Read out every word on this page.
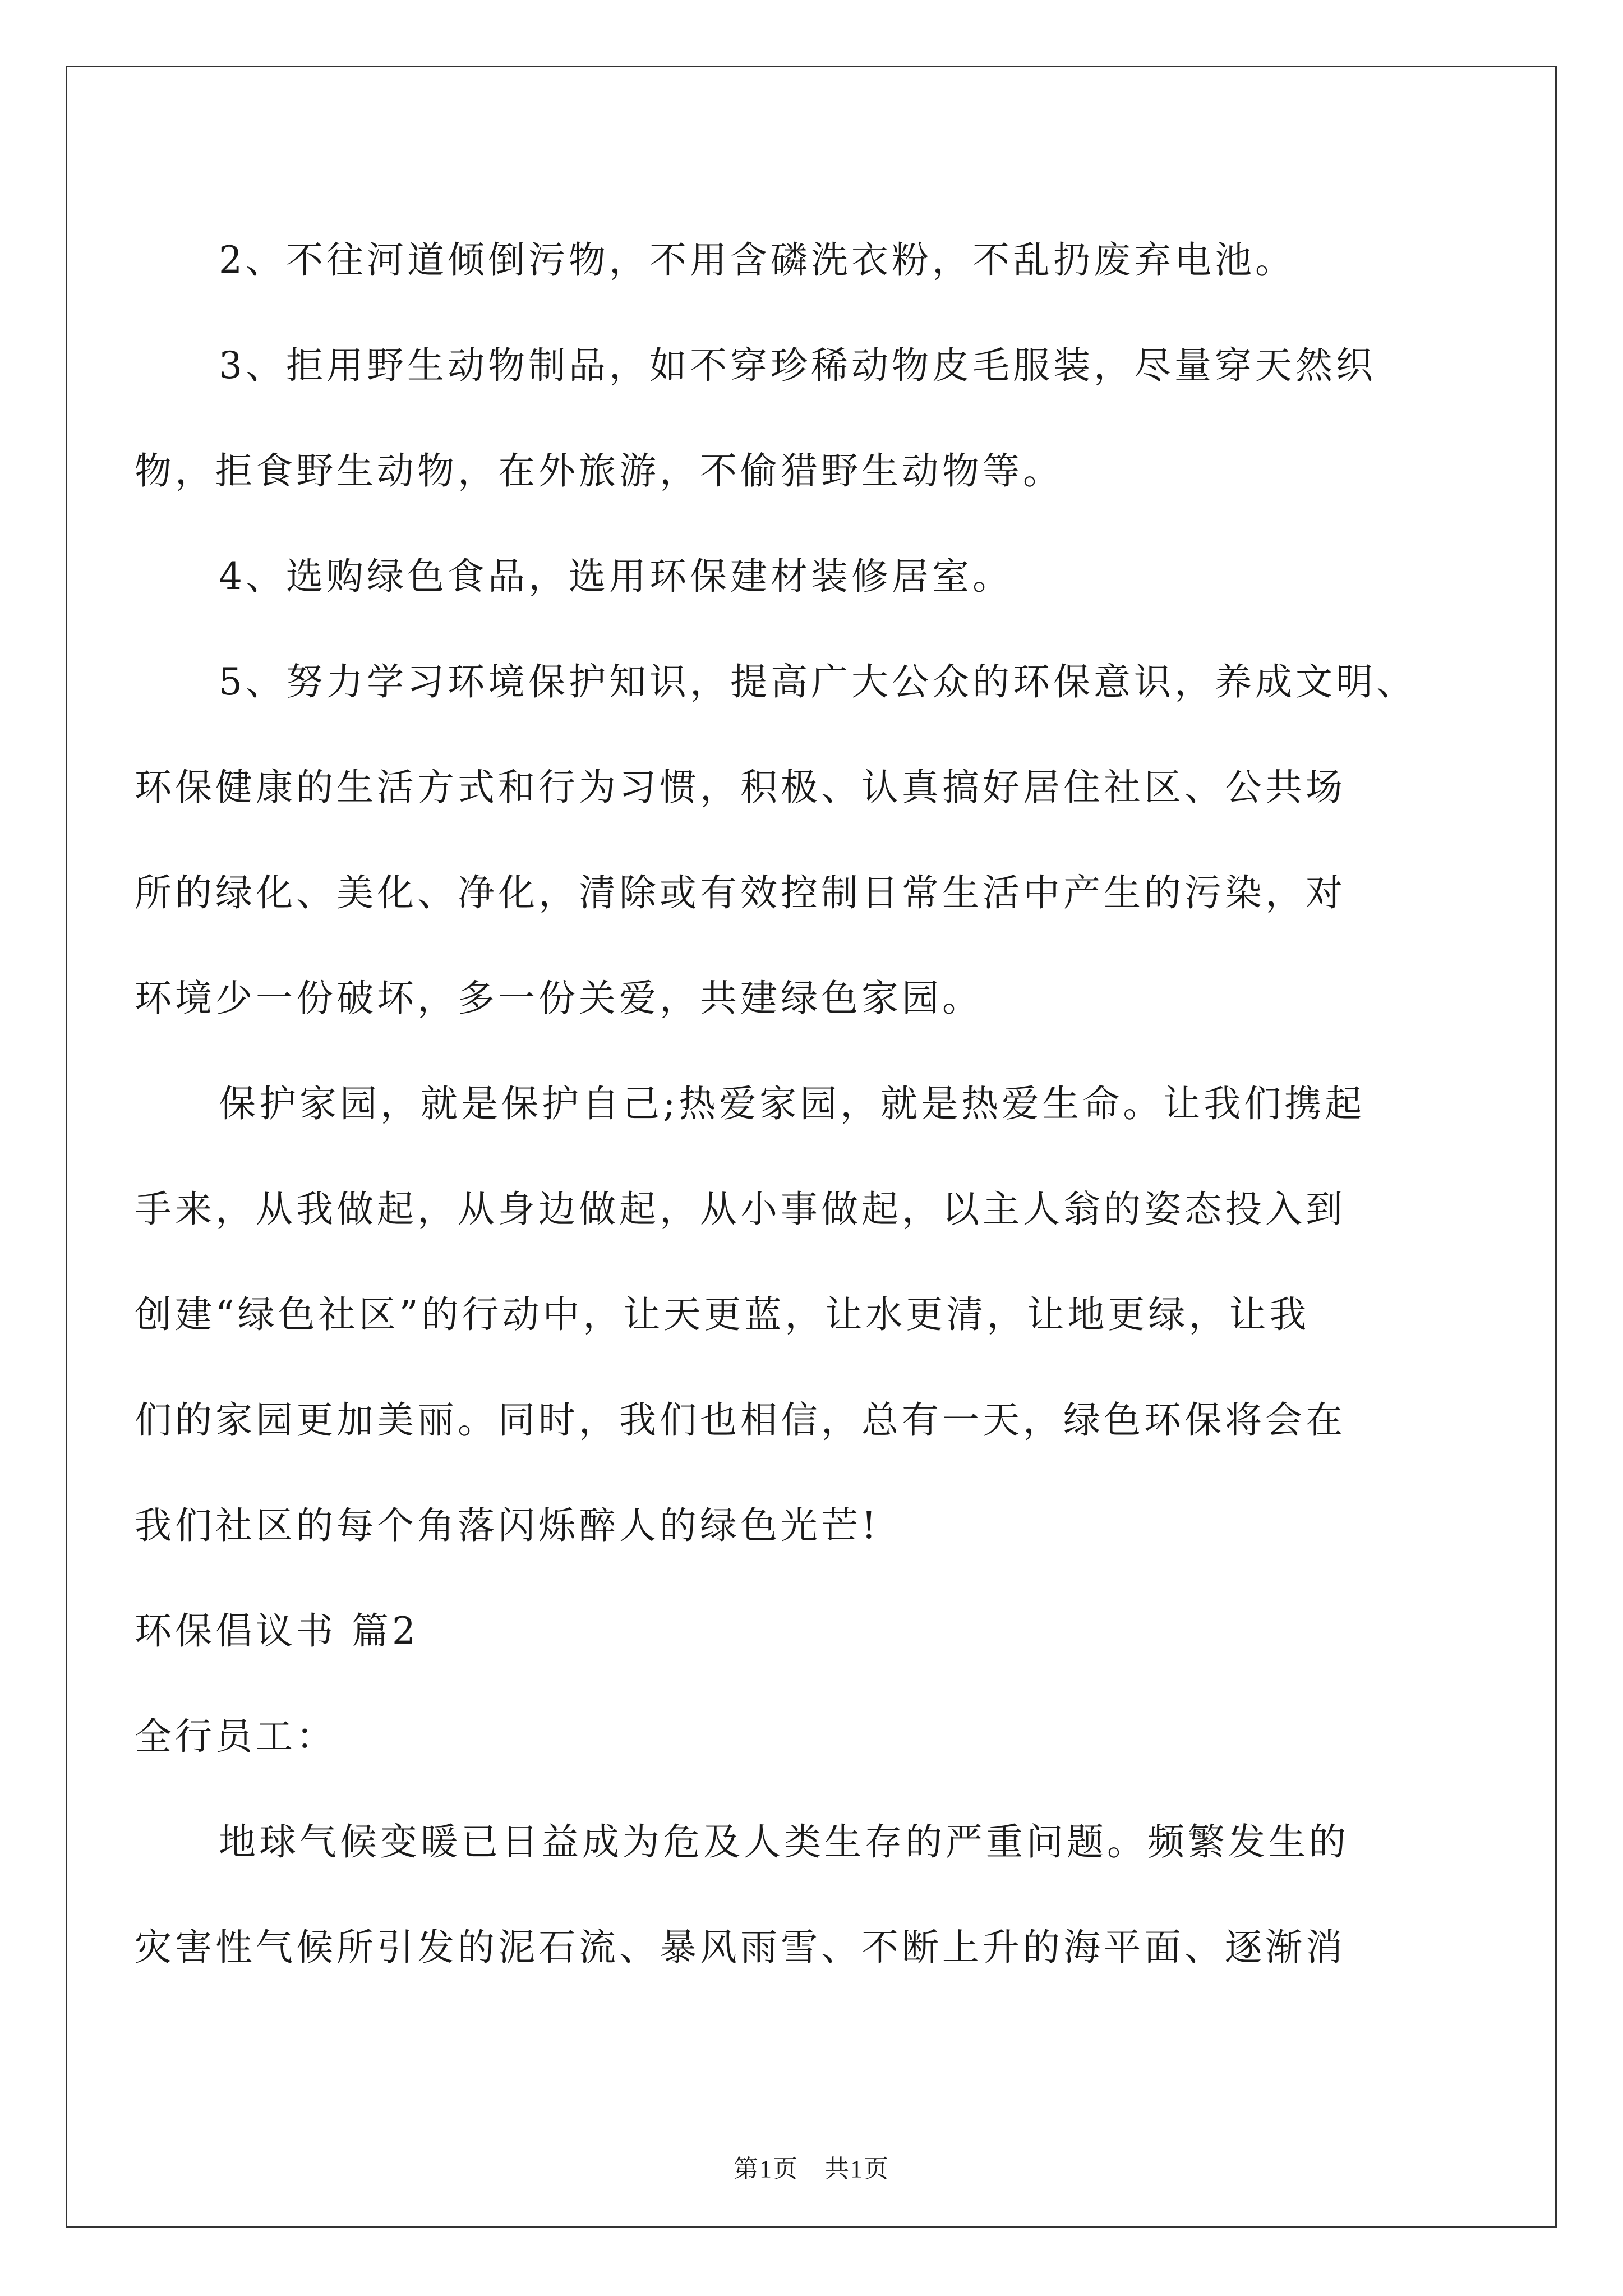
2、不往河道倾倒污物，不用含磷洗衣粉，不乱扔废弃电池。
3、拒用野生动物制品，如不穿珍稀动物皮毛服装，尽量穿天然织
物，拒食野生动物，在外旅游，不偷猎野生动物等。
4、选购绿色食品，选用环保建材装修居室。
5、努力学习环境保护知识，提高广大公众的环保意识，养成文明、
环保健康的生活方式和行为习惯，积极、认真搞好居住社区、公共场
所的绿化、美化、净化，清除或有效控制日常生活中产生的污染，对
环境少一份破坏，多一份关爱，共建绿色家园。
保护家园，就是保护自己;热爱家园，就是热爱生命。让我们携起
手来，从我做起，从身边做起，从小事做起，以主人翁的姿态投入到
创建“绿色社区”的行动中，让天更蓝，让水更清，让地更绿，让我
们的家园更加美丽。同时，我们也相信，总有一天，绿色环保将会在
我们社区的每个角落闪烁醉人的绿色光芒!
环保倡议书 篇2
全行员工：
地球气候变暖已日益成为危及人类生存的严重问题。频繁发生的
灾害性气候所引发的泥石流、暴风雨雪、不断上升的海平面、逐渐消
第1页　共1页
